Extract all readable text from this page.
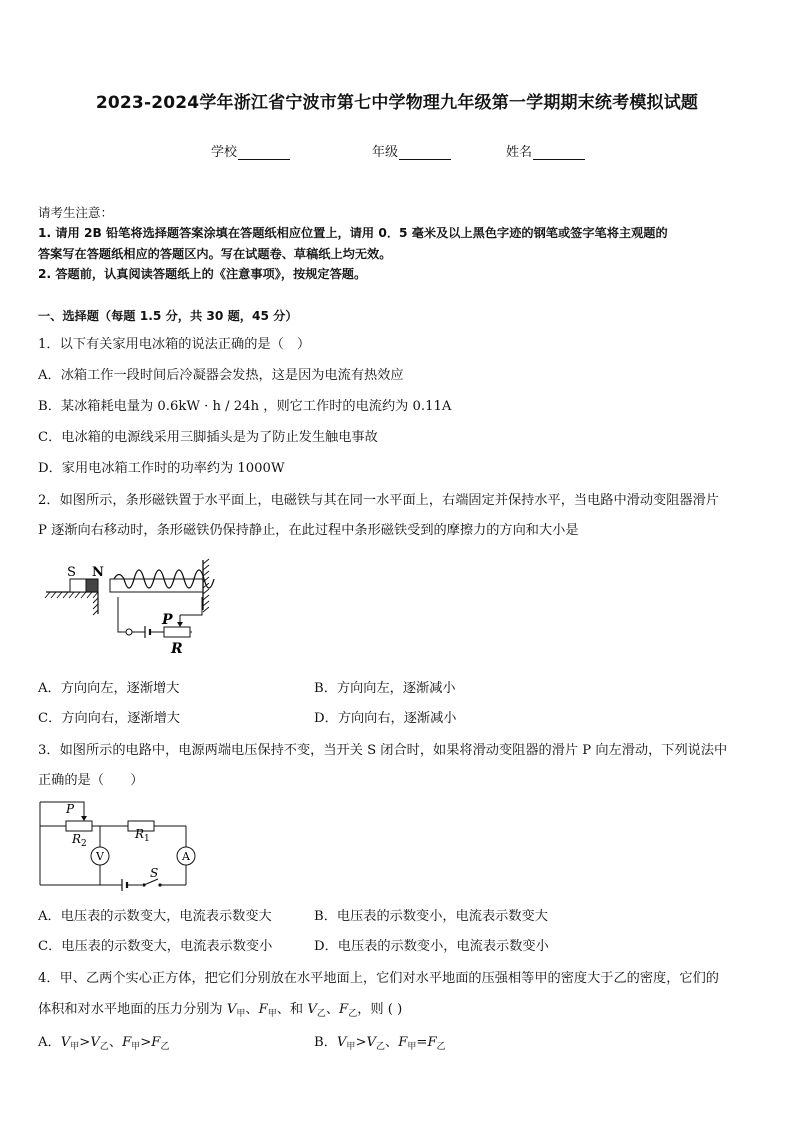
2023-2024学年浙江省宁波市第七中学物理九年级第一学期期末统考模拟试题
学校	年级	姓名
请考生注意：
1. 请用 2B 铅笔将选择题答案涂填在答题纸相应位置上，请用 0．5 毫米及以上黑色字迹的钢笔或签字笔将主观题的
答案写在答题纸相应的答题区内。写在试题卷、草稿纸上均无效。
2. 答题前，认真阅读答题纸上的《注意事项》，按规定答题。
一、选择题（每题 1.5 分，共 30 题，45 分）
1．以下有关家用电冰箱的说法正确的是（　）
A．冰箱工作一段时间后冷凝器会发热，这是因为电流有热效应
B．某冰箱耗电量为 0.6kW · h / 24h ，则它工作时的电流约为 0.11A
C．电冰箱的电源线采用三脚插头是为了防止发生触电事故
D．家用电冰箱工作时的功率约为 1000W
2．如图所示，条形磁铁置于水平面上，电磁铁与其在同一水平面上，右端固定并保持水平，当电路中滑动变阻器滑片
P 逐渐向右移动时，条形磁铁仍保持静止，在此过程中条形磁铁受到的摩擦力的方向和大小是
S N
P
R
A．方向向左，逐渐增大	B．方向向左，逐渐减小
C．方向向右，逐渐增大	D．方向向右，逐渐减小
3．如图所示的电路中，电源两端电压保持不变，当开关 S 闭合时，如果将滑动变阻器的滑片 P 向左滑动，下列说法中
正确的是（　　）
S
P
$R_2$
$R_1$
V	A
A．电压表的示数变大，电流表示数变大	B．电压表的示数变小，电流表示数变大
C．电压表的示数变大，电流表示数变小	D．电压表的示数变小，电流表示数变小
4．甲、乙两个实心正方体，把它们分别放在水平地面上，它们对水平地面的压强相等甲的密度大于乙的密度，它们的
体积和对水平地面的压力分别为 $V_甲$、$F_甲$、和 $V_乙$、$F_乙$，则 ( )
A．$V_甲>V_乙$、$F_甲>F_乙$	B．$V_甲>V_乙$、$F_甲=F_乙$
